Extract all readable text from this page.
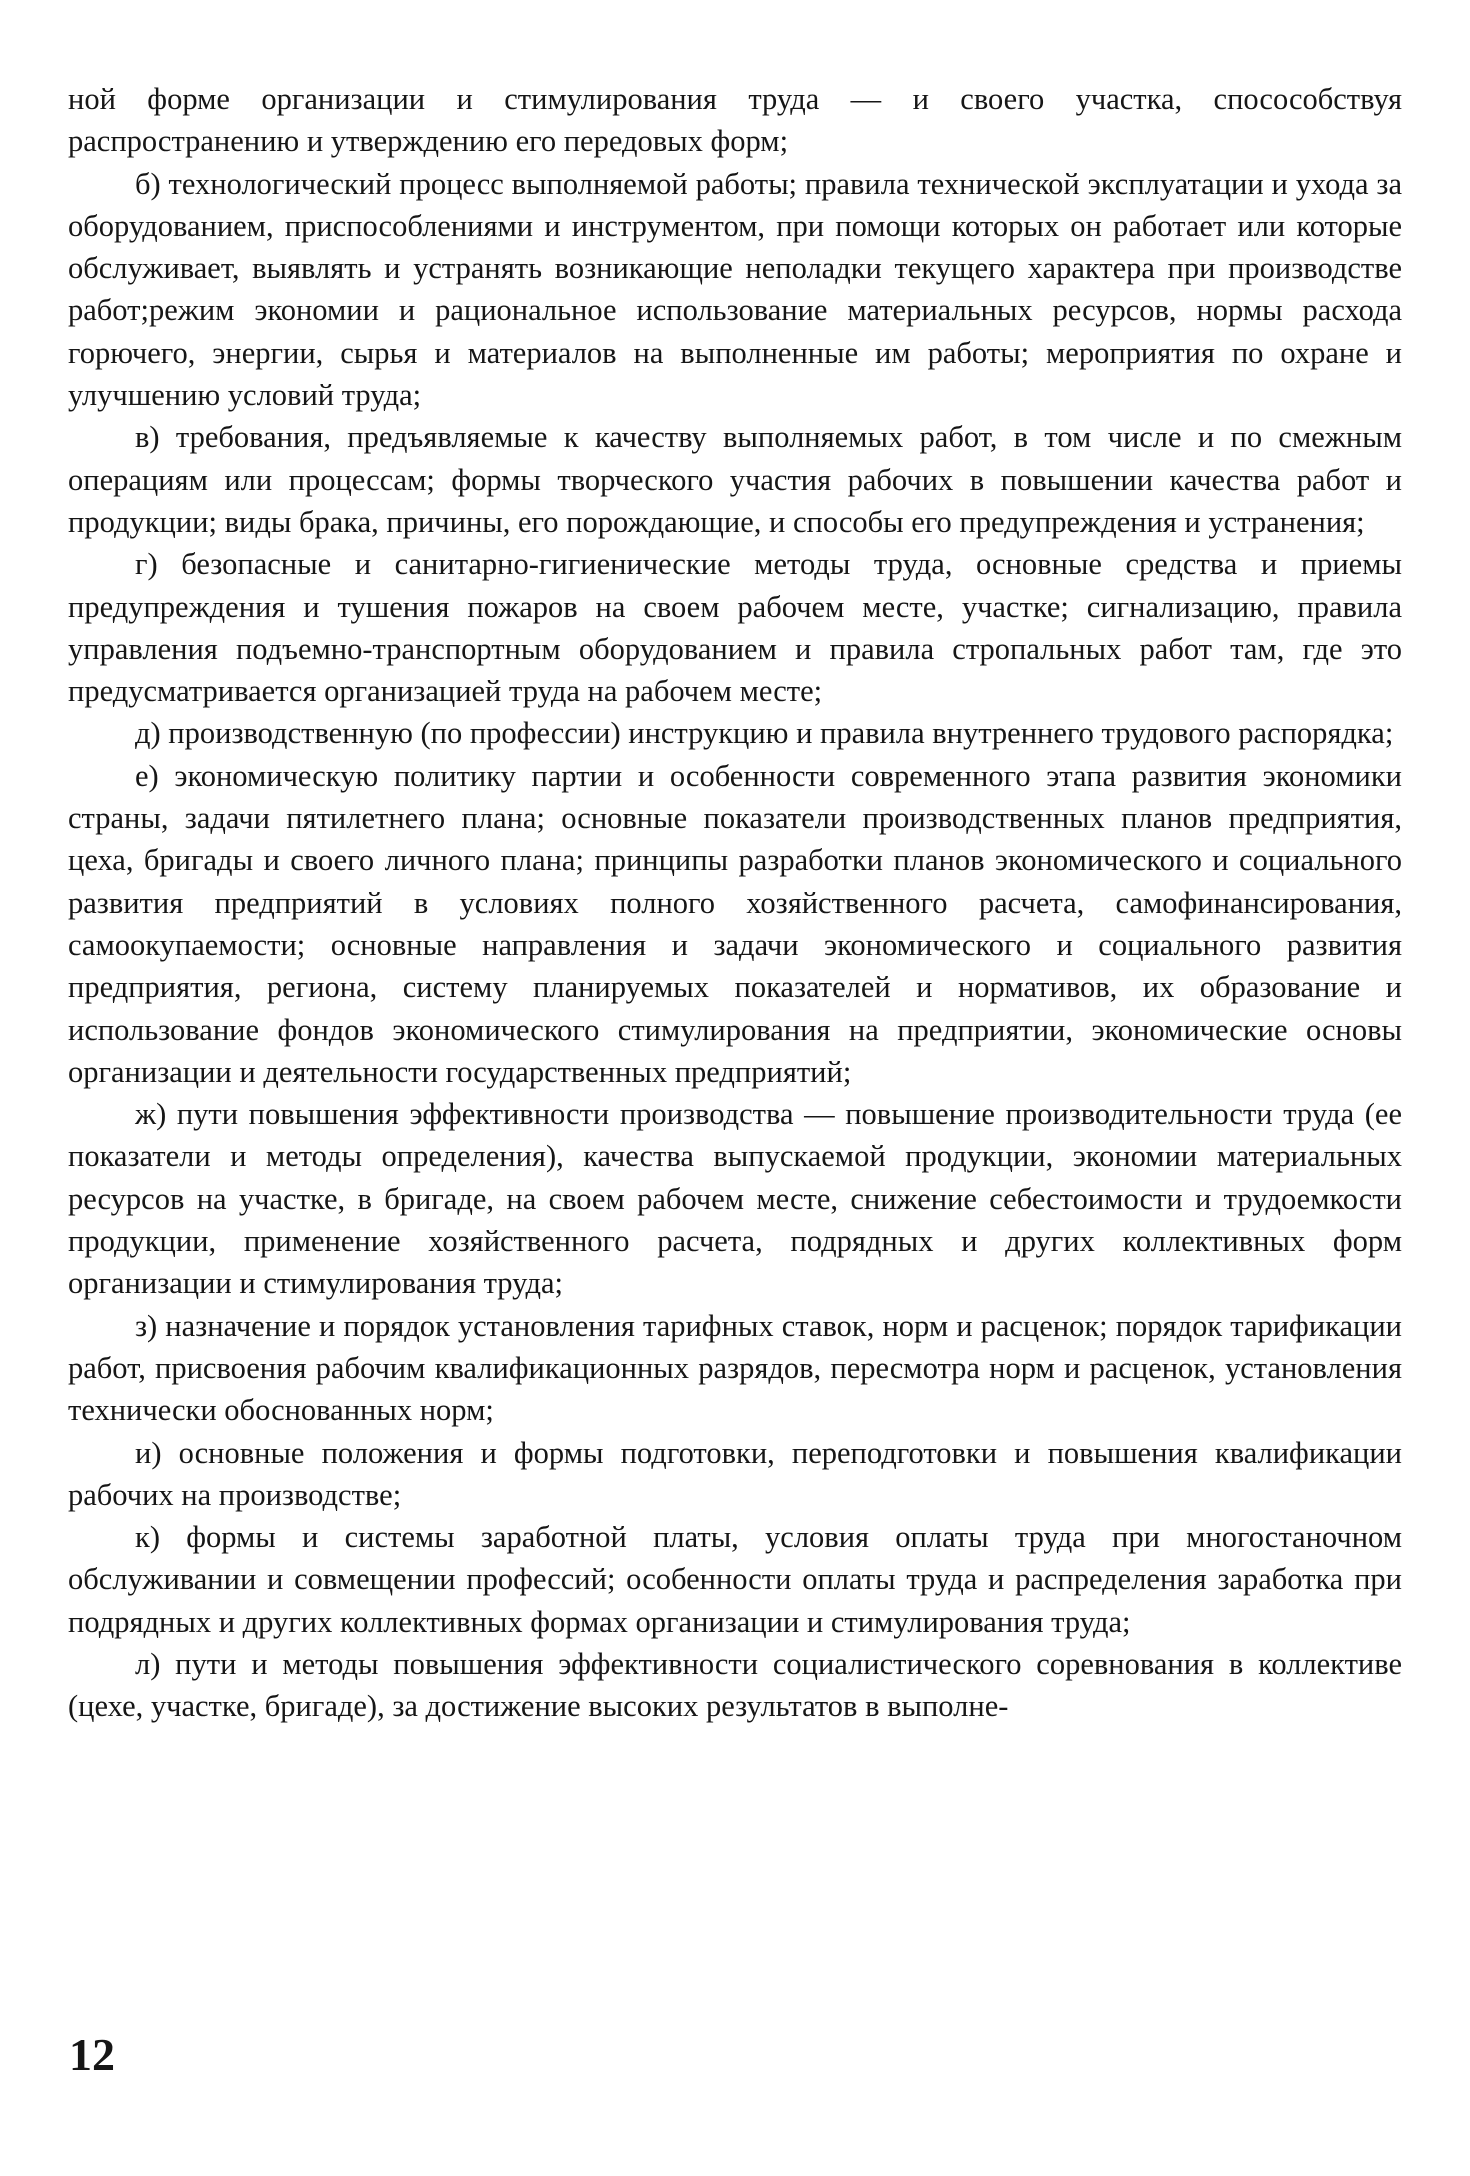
ной форме организации и стимулирования труда — и своего участка, спосособствуя распространению и утверждению его передовых форм;

б) технологический процесс выполняемой работы; правила технической эксплуатации и ухода за оборудованием, приспособлениями и инструментом, при помощи которых он работает или которые обслуживает, выявлять и устранять возникающие неполадки текущего характера при производстве работ;режим экономии и рациональное использование материальных ресурсов, нормы расхода горючего, энергии, сырья и материалов на выполненные им работы; мероприятия по охране и улучшению условий труда;

в) требования, предъявляемые к качеству выполняемых работ, в том числе и по смежным операциям или процессам; формы творческого участия рабочих в повышении качества работ и продукции; виды брака, причины, его порождающие, и способы его предупреждения и устранения;

г) безопасные и санитарно-гигиенические методы труда, основные средства и приемы предупреждения и тушения пожаров на своем рабочем месте, участке; сигнализацию, правила управления подъемно-транспортным оборудованием и правила стропальных работ там, где это предусматривается организацией труда на рабочем месте;

д) производственную (по профессии) инструкцию и правила внутреннего трудового распорядка;

е) экономическую политику партии и особенности современного этапа развития экономики страны, задачи пятилетнего плана; основные показатели производственных планов предприятия, цеха, бригады и своего личного плана; принципы разработки планов экономического и социального развития предприятий в условиях полного хозяйственного расчета, самофинансирования, самоокупаемости; основные направления и задачи экономического и социального развития предприятия, региона, систему планируемых показателей и нормативов, их образование и использование фондов экономического стимулирования на предприятии, экономические основы организации и деятельности государственных предприятий;

ж) пути повышения эффективности производства — повышение производительности труда (ее показатели и методы определения), качества выпускаемой продукции, экономии материальных ресурсов на участке, в бригаде, на своем рабочем месте, снижение себестоимости и трудоемкости продукции, применение хозяйственного расчета, подрядных и других коллективных форм организации и стимулирования труда;

з) назначение и порядок установления тарифных ставок, норм и расценок; порядок тарификации работ, присвоения рабочим квалификационных разрядов, пересмотра норм и расценок, установления технически обоснованных норм;

и) основные положения и формы подготовки, переподготовки и повышения квалификации рабочих на производстве;

к) формы и системы заработной платы, условия оплаты труда при многостаночном обслуживании и совмещении профессий; особенности оплаты труда и распределения заработка при подрядных и других коллективных формах организации и стимулирования труда;

л) пути и методы повышения эффективности социалистического соревнования в коллективе (цехе, участке, бригаде), за достижение высоких результатов в выполне-

12
